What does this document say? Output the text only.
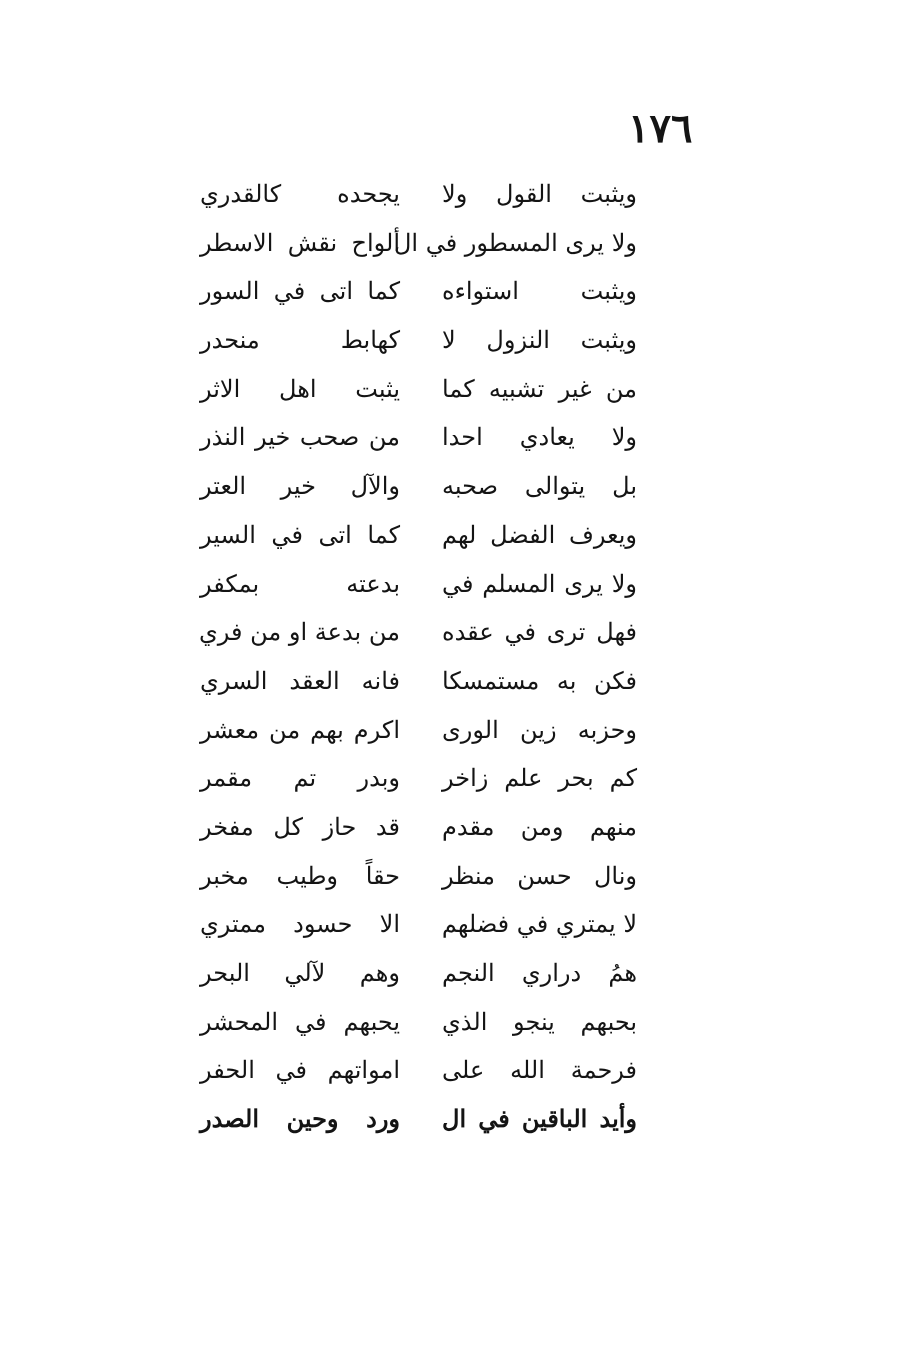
١٧٦
ويثبت القول ولا
يجحده كالقدري
ولا يرى المسطور في ال
ألواح نقش الاسطر
ويثبت استواءه
كما اتى في السور
ويثبت النزول لا
كهابط منحدر
من غير تشبيه كما
يثبت اهل الاثر
ولا يعادي احدا
من صحب خير النذر
بل يتوالى صحبه
والآل خير العتر
ويعرف الفضل لهم
كما اتى في السير
ولا يرى المسلم في
بدعته بمكفر
فهل ترى في عقده
من بدعة او من فري
فكن به مستمسكا
فانه العقد السري
وحزبه زين الورى
اكرم بهم من معشر
كم بحر علم زاخر
وبدر تم مقمر
منهم ومن مقدم
قد حاز كل مفخر
ونال حسن منظر
حقاً وطيب مخبر
لا يمتري في فضلهم
الا حسود ممتري
همُ دراري النجم
وهم لآلي البحر
بحبهم ينجو الذي
يحبهم في المحشر
فرحمة الله على
امواتهم في الحفر
وأيد الباقين في ال
ورد وحين الصدر
